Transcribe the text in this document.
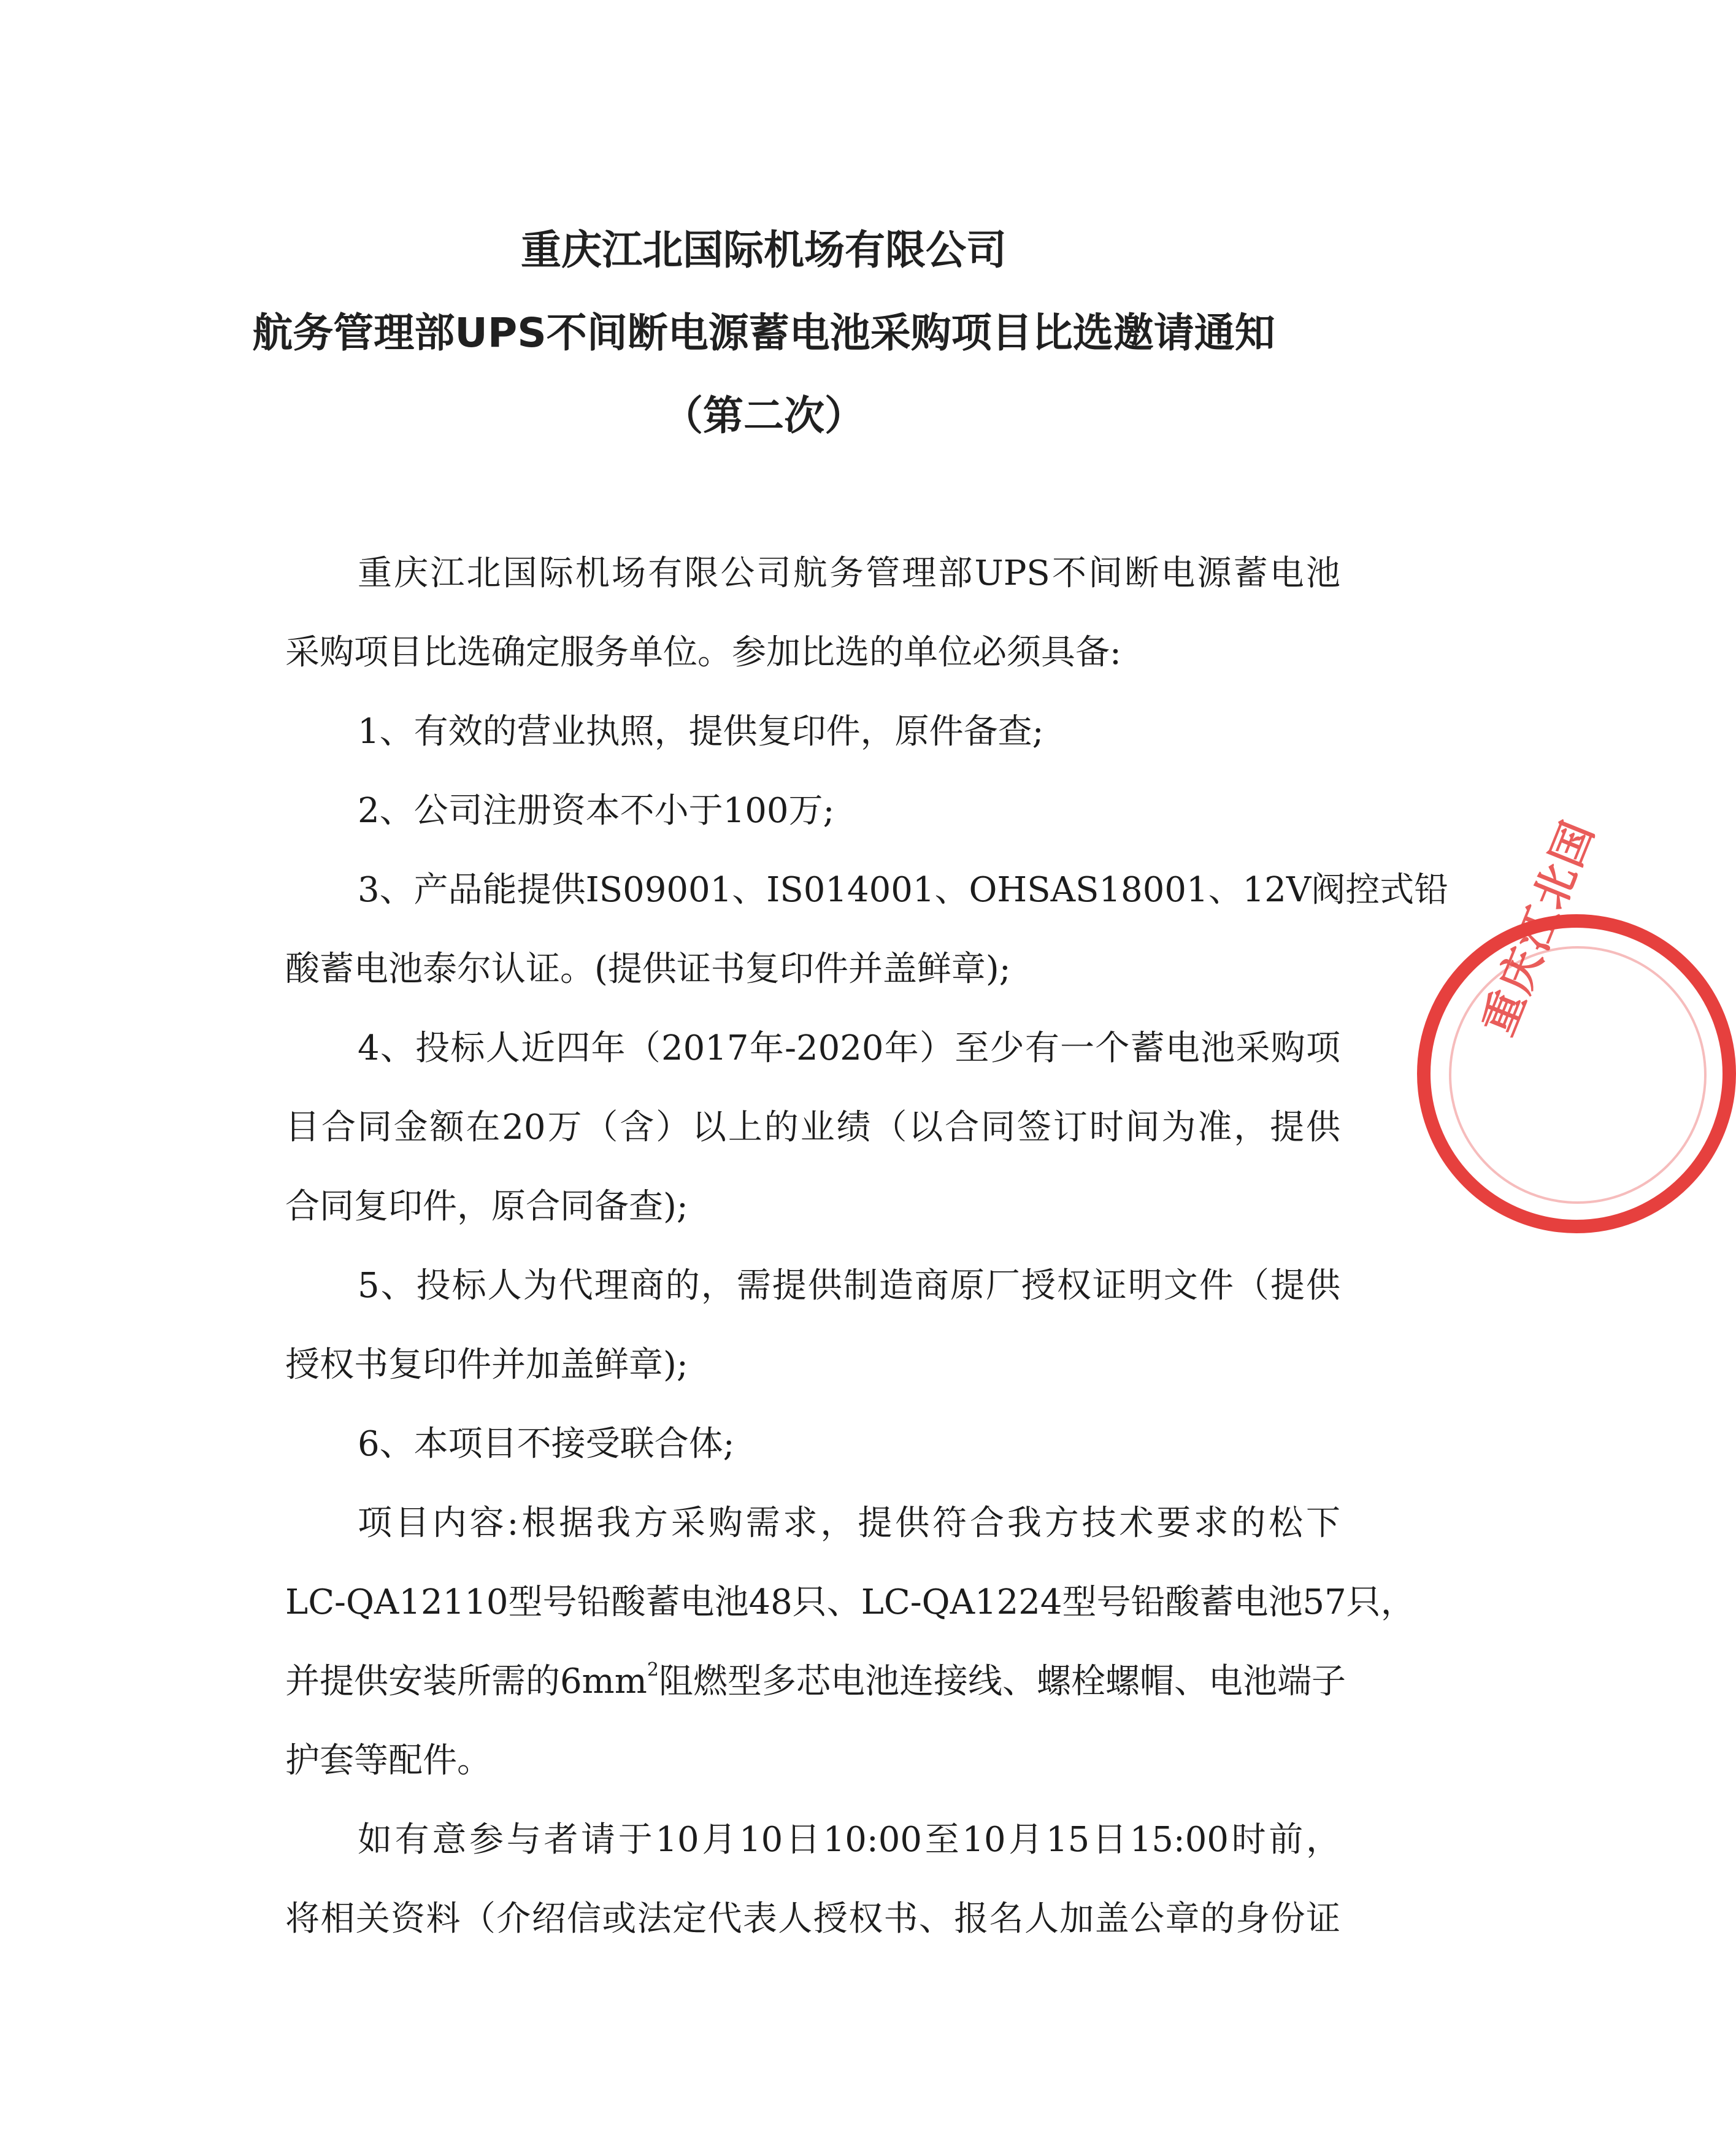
重庆江北国际机场有限公司
航务管理部UPS不间断电源蓄电池采购项目比选邀请通知
（第二次）
重庆江北国际机场有限公司航务管理部UPS不间断电源蓄电池
采购项目比选确定服务单位。参加比选的单位必须具备:
1、有效的营业执照，提供复印件，原件备查;
2、公司注册资本不小于100万;
3、产品能提供IS09001、IS014001、OHSAS18001、12V阀控式铅
酸蓄电池泰尔认证。(提供证书复印件并盖鲜章);
4、投标人近四年（2017年-2020年）至少有一个蓄电池采购项
目合同金额在20万（含）以上的业绩（以合同签订时间为准，提供
合同复印件，原合同备查);
5、投标人为代理商的，需提供制造商原厂授权证明文件（提供
授权书复印件并加盖鲜章);
6、本项目不接受联合体;
项目内容:根据我方采购需求，提供符合我方技术要求的松下
LC-QA12110型号铅酸蓄电池48只、LC-QA1224型号铅酸蓄电池57只，
并提供安装所需的$6mm^2$阻燃型多芯电池连接线、螺栓螺帽、电池端子
护套等配件。
如有意参与者请于10月10日10:00至10月15日15:00时前，
将相关资料（介绍信或法定代表人授权书、报名人加盖公章的身份证
重庆江北国
